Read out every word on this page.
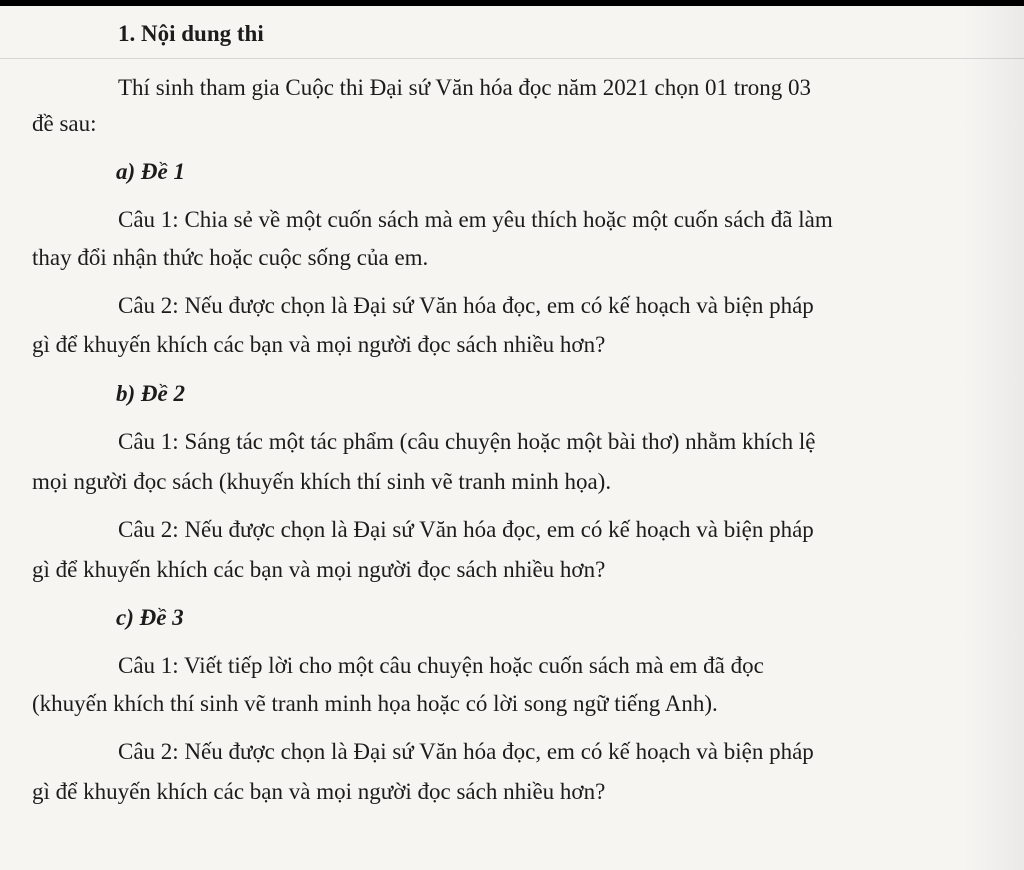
1. Nội dung thi
Thí sinh tham gia Cuộc thi Đại sứ Văn hóa đọc năm 2021 chọn 01 trong 03
đề sau:
a) Đề 1
Câu 1: Chia sẻ về một cuốn sách mà em yêu thích hoặc một cuốn sách đã làm
thay đổi nhận thức hoặc cuộc sống của em.
Câu 2: Nếu được chọn là Đại sứ Văn hóa đọc, em có kế hoạch và biện pháp
gì để khuyến khích các bạn và mọi người đọc sách nhiều hơn?
b) Đề 2
Câu 1: Sáng tác một tác phẩm (câu chuyện hoặc một bài thơ) nhằm khích lệ
mọi người đọc sách (khuyến khích thí sinh vẽ tranh minh họa).
Câu 2: Nếu được chọn là Đại sứ Văn hóa đọc, em có kế hoạch và biện pháp
gì để khuyến khích các bạn và mọi người đọc sách nhiều hơn?
c) Đề 3
Câu 1: Viết tiếp lời cho một câu chuyện hoặc cuốn sách mà em đã đọc
(khuyến khích thí sinh vẽ tranh minh họa hoặc có lời song ngữ tiếng Anh).
Câu 2: Nếu được chọn là Đại sứ Văn hóa đọc, em có kế hoạch và biện pháp
gì để khuyến khích các bạn và mọi người đọc sách nhiều hơn?
